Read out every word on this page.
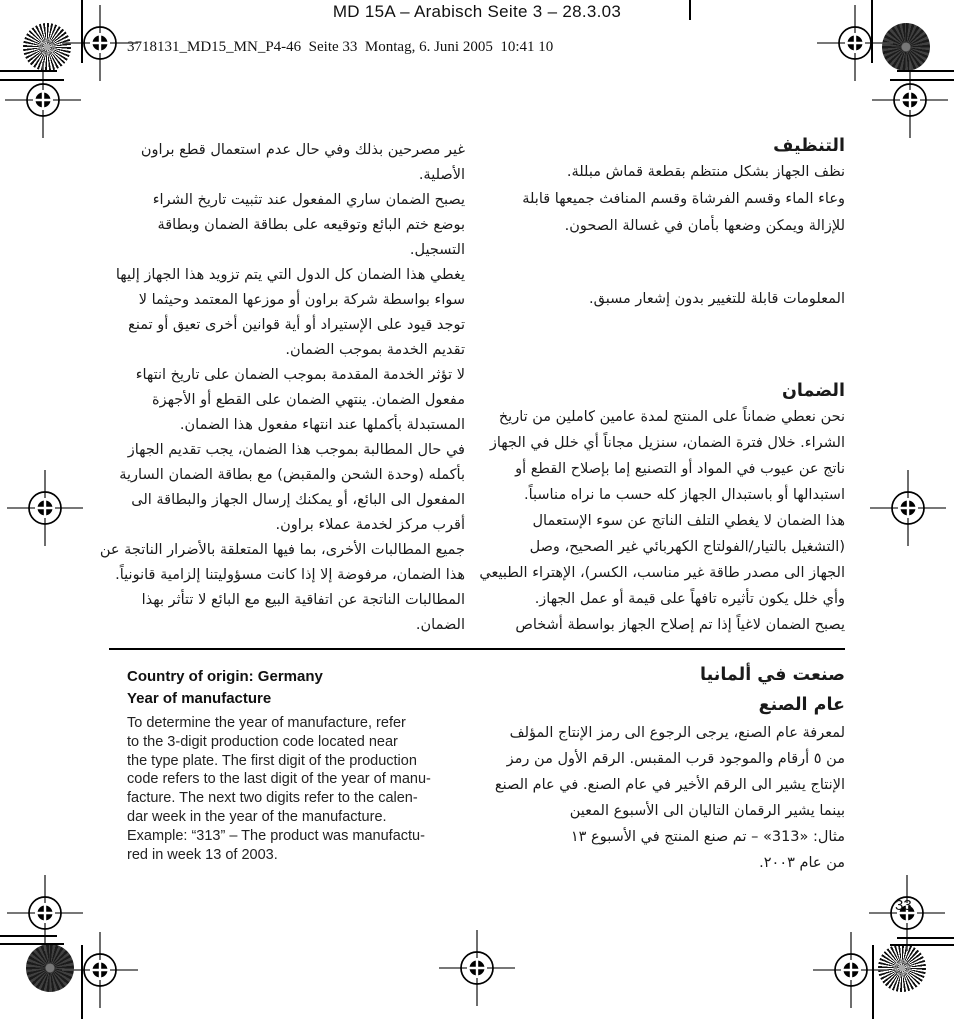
MD 15A – Arabisch Seite 3 – 28.3.03
3718131_MD15_MN_P4-46  Seite 33  Montag, 6. Juni 2005  10:41 10
التنظيف
نظف الجهاز بشكل منتظم بقطعة قماش مبللة.
وعاء الماء وقسم الفرشاة وقسم المنافث جميعها قابلة
للإزالة ويمكن وضعها بأمان في غسالة الصحون.
المعلومات قابلة للتغيير بدون إشعار مسبق.
الضمان
نحن نعطي ضماناً على المنتج لمدة عامين كاملين من تاريخ
الشراء. خلال فترة الضمان، سنزيل مجاناً أي خلل في الجهاز
ناتج عن عيوب في المواد أو التصنيع إما بإصلاح القطع أو
استبدالها أو باستبدال الجهاز كله حسب ما نراه مناسباً.
هذا الضمان لا يغطي التلف الناتج عن سوء الإستعمال
(التشغيل بالتيار/الفولتاج الكهربائي غير الصحيح، وصل
الجهاز الى مصدر طاقة غير مناسب، الكسر)، الإهتراء الطبيعي
وأي خلل يكون تأثيره تافهاً على قيمة أو عمل الجهاز.
يصبح الضمان لاغياً إذا تم إصلاح الجهاز بواسطة أشخاص
غير مصرحين بذلك وفي حال عدم استعمال قطع براون
الأصلية.
يصبح الضمان ساري المفعول عند تثبيت تاريخ الشراء
بوضع ختم البائع وتوقيعه على بطاقة الضمان وبطاقة
التسجيل.
يغطي هذا الضمان كل الدول التي يتم تزويد هذا الجهاز إليها
سواء بواسطة شركة براون أو موزعها المعتمد وحيثما لا
توجد قيود على الإستيراد أو أية قوانين أخرى تعيق أو تمنع
تقديم الخدمة بموجب الضمان.
لا تؤثر الخدمة المقدمة بموجب الضمان على تاريخ انتهاء
مفعول الضمان. ينتهي الضمان على القطع أو الأجهزة
المستبدلة بأكملها عند انتهاء مفعول هذا الضمان.
في حال المطالبة بموجب هذا الضمان، يجب تقديم الجهاز
بأكمله (وحدة الشحن والمقبض) مع بطاقة الضمان السارية
المفعول الى البائع، أو يمكنك إرسال الجهاز والبطاقة الى
أقرب مركز لخدمة عملاء براون.
جميع المطالبات الأخرى، بما فيها المتعلقة بالأضرار الناتجة عن
هذا الضمان، مرفوضة إلا إذا كانت مسؤوليتنا إلزامية قانونياً.
المطالبات الناتجة عن اتفاقية البيع مع البائع لا تتأثر بهذا
الضمان.
Country of origin: Germany
Year of manufacture
To determine the year of manufacture, refer
to the 3-digit production code located near
the type plate. The first digit of the production
code refers to the last digit of the year of manu-
facture. The next two digits refer to the calen-
dar week in the year of the manufacture.
Example: “313” – The product was manufactu-
red in week 13 of 2003.
صنعت في ألمانيا
عام الصنع
لمعرفة عام الصنع، يرجى الرجوع الى رمز الإنتاج المؤلف
من ٥ أرقام والموجود قرب المقبس. الرقم الأول من رمز
الإنتاج يشير الى الرقم الأخير في عام الصنع. في عام الصنع
بينما يشير الرقمان التاليان الى الأسبوع المعين
مثال: «313» – تم صنع المنتج في الأسبوع ١٣
من عام ٢٠٠٣.
33
